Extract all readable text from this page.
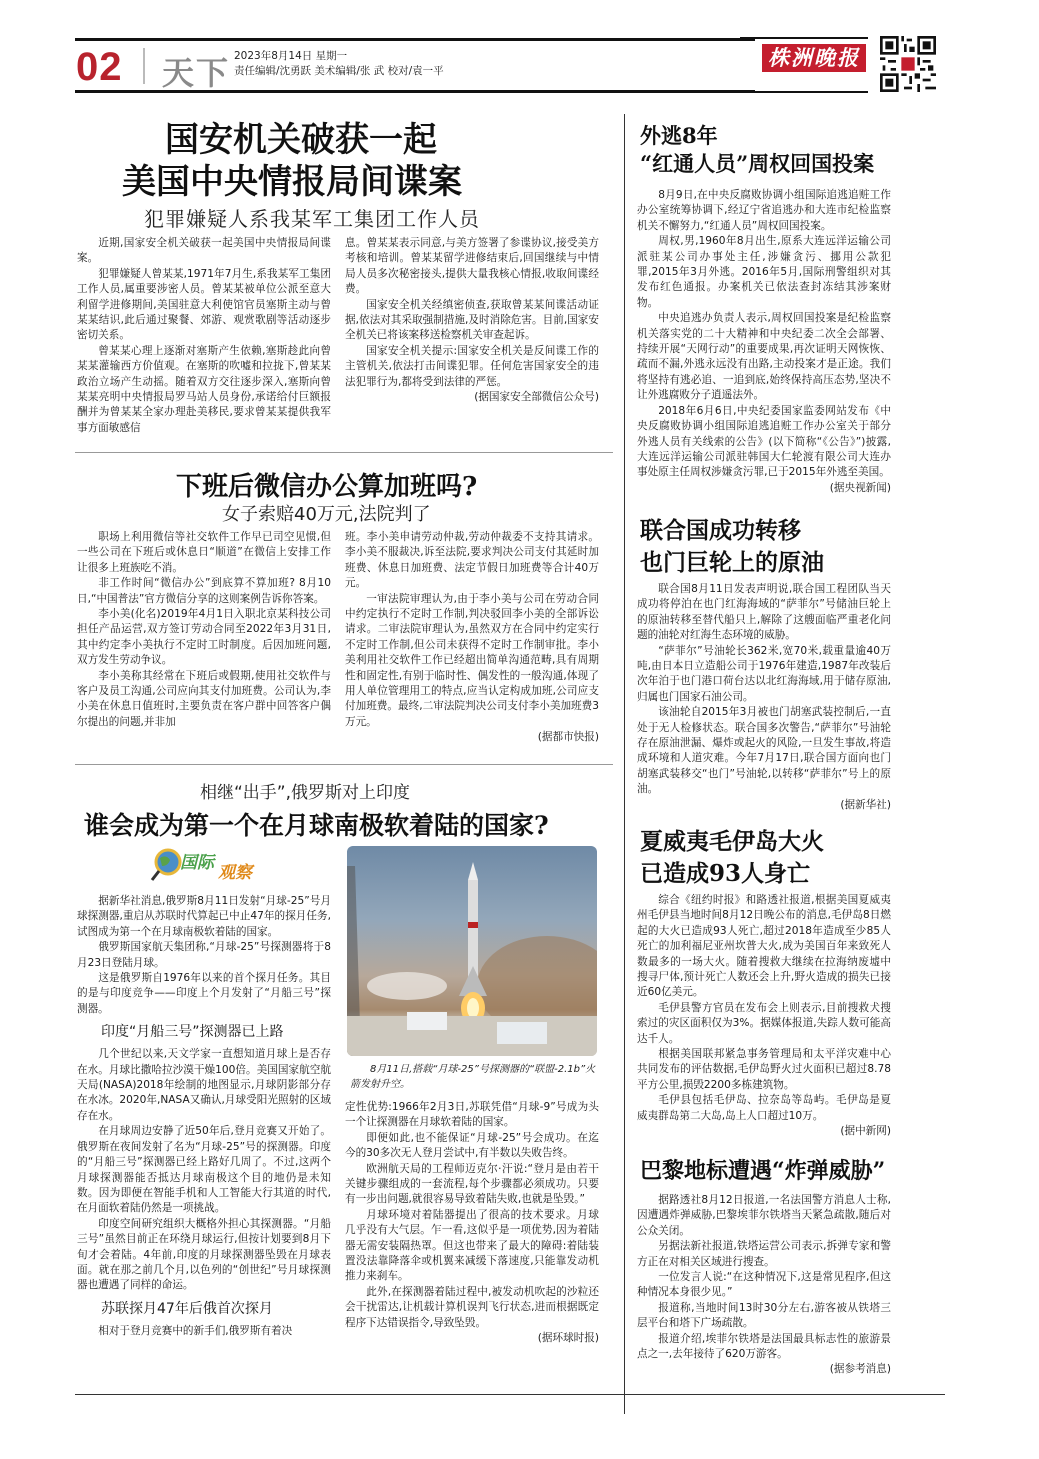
02 天下 2023年8月14日 星期一
责任编辑/沈勇跃 美术编辑/张 武 校对/袁一平
株洲晚报
国安机关破获一起
美国中央情报局间谍案
犯罪嫌疑人系我某军工集团工作人员

近期,国家安全机关破获一起美国中央情报局间谍案。

犯罪嫌疑人曾某某,1971年7月生,系我某军工集团工作人员,属重要涉密人员。曾某某被单位公派至意大利留学进修期间,美国驻意大利使馆官员塞斯主动与曾某某结识,此后通过聚餐、郊游、观赏歌剧等活动逐步密切关系。

曾某某心理上逐渐对塞斯产生依赖,塞斯趁此向曾某某灌输西方价值观。在塞斯的吹嘘和拉拢下,曾某某政治立场产生动摇。随着双方交往逐步深入,塞斯向曾某某亮明中央情报局罗马站人员身份,承诺给付巨额报酬并为曾某某全家办理赴美移民,要求曾某某提供我军事方面敏感信

息。曾某某表示同意,与美方签署了参谍协议,接受美方考核和培训。曾某某留学进修结束后,回国继续与中情局人员多次秘密接头,提供大量我核心情报,收取间谍经费。

国家安全机关经缜密侦查,获取曾某某间谍活动证据,依法对其采取强制措施,及时消除危害。目前,国家安全机关已将该案移送检察机关审查起诉。

国家安全机关提示:国家安全机关是反间谍工作的主管机关,依法打击间谍犯罪。任何危害国家安全的违法犯罪行为,都将受到法律的严惩。

(据国家安全部微信公众号)

下班后微信办公算加班吗?
女子索赔40万元,法院判了

职场上利用微信等社交软件工作早已司空见惯,但一些公司在下班后或休息日“顺道”在微信上安排工作让很多上班族吃不消。

非工作时间“微信办公”到底算不算加班? 8月10日,“中国普法”官方微信分享的这则案例告诉你答案。

李小美(化名)2019年4月1日入职北京某科技公司担任产品运营,双方签订劳动合同至2022年3月31日,其中约定李小美执行不定时工时制度。后因加班问题,双方发生劳动争议。

李小美称其经常在下班后或假期,使用社交软件与客户及员工沟通,公司应向其支付加班费。公司认为,李小美在休息日值班时,主要负责在客户群中回答客户偶尔提出的问题,并非加

班。李小美申请劳动仲裁,劳动仲裁委不支持其请求。李小美不服裁决,诉至法院,要求判决公司支付其延时加班费、休息日加班费、法定节假日加班费等合计40万元。

一审法院审理认为,由于李小美与公司在劳动合同中约定执行不定时工作制,判决驳回李小美的全部诉讼请求。二审法院审理认为,虽然双方在合同中约定实行不定时工作制,但公司未获得不定时工作制审批。李小美利用社交软件工作已经超出简单沟通范畴,具有周期性和固定性,有别于临时性、偶发性的一般沟通,体现了用人单位管理用工的特点,应当认定构成加班,公司应支付加班费。最终,二审法院判决公司支付李小美加班费3万元。

(据都市快报)

相继“出手”,俄罗斯对上印度
谁会成为第一个在月球南极软着陆的国家?
国际 观察

据新华社消息,俄罗斯8月11日发射“月球-25”号月球探测器,重启从苏联时代算起已中止47年的探月任务,试图成为第一个在月球南极软着陆的国家。

俄罗斯国家航天集团称,“月球-25”号探测器将于8月23日登陆月球。

这是俄罗斯自1976年以来的首个探月任务。其目的是与印度竞争——印度上个月发射了“月船三号”探测器。

印度“月船三号”探测器已上路

几个世纪以来,天文学家一直想知道月球上是否存在水。月球比撒哈拉沙漠干燥100倍。美国国家航空航天局(NASA)2018年绘制的地图显示,月球阴影部分存在水冰。2020年,NASA又确认,月球受阳光照射的区域存在水。

在月球周边安静了近50年后,登月竞赛又开始了。俄罗斯在夜间发射了名为“月球-25”号的探测器。印度的“月船三号”探测器已经上路好几周了。不过,这两个月球探测器能否抵达月球南极这个目的地仍是未知数。因为即便在智能手机和人工智能大行其道的时代,在月面软着陆仍然是一项挑战。

印度空间研究组织大概格外担心其探测器。“月船三号”虽然目前正在环绕月球运行,但按计划要到8月下旬才会着陆。4年前,印度的月球探测器坠毁在月球表面。就在那之前几个月,以色列的“创世纪”号月球探测器也遭遇了同样的命运。

苏联探月47年后俄首次探月

相对于登月竞赛中的新手们,俄罗斯有着决

8月11日,搭载“月球-25”号探测器的“联盟-2.1b”火箭发射升空。

定性优势:1966年2月3日,苏联凭借“月球-9”号成为头一个让探测器在月球软着陆的国家。

即便如此,也不能保证“月球-25”号会成功。在迄今的30多次无人登月尝试中,有半数以失败告终。

欧洲航天局的工程师迈克尔·汗说:“登月是由若干关键步骤组成的一套流程,每个步骤都必须成功。只要有一步出问题,就很容易导致着陆失败,也就是坠毁。”

月球环境对着陆器提出了很高的技术要求。月球几乎没有大气层。乍一看,这似乎是一项优势,因为着陆器无需安装隔热罩。但这也带来了最大的障碍:着陆装置没法靠降落伞或机翼来减缓下落速度,只能靠发动机推力来刹车。

此外,在探测器着陆过程中,被发动机吹起的沙粒还会干扰雷达,让机载计算机误判飞行状态,进而根据既定程序下达错误指令,导致坠毁。

(据环球时报)

外逃8年
“红通人员”周权回国投案

8月9日,在中央反腐败协调小组国际追逃追赃工作办公室统筹协调下,经辽宁省追逃办和大连市纪检监察机关不懈努力,“红通人员”周权回国投案。

周权,男,1960年8月出生,原系大连远洋运输公司派驻某公司办事处主任,涉嫌贪污、挪用公款犯罪,2015年3月外逃。2016年5月,国际刑警组织对其发布红色通报。办案机关已依法查封冻结其涉案财物。

中央追逃办负责人表示,周权回国投案是纪检监察机关落实党的二十大精神和中央纪委二次全会部署、持续开展“天网行动”的重要成果,再次证明天网恢恢、疏而不漏,外逃永远没有出路,主动投案才是正途。我们将坚持有逃必追、一追到底,始终保持高压态势,坚决不让外逃腐败分子逍遥法外。

2018年6月6日,中央纪委国家监委网站发布《中央反腐败协调小组国际追逃追赃工作办公室关于部分外逃人员有关线索的公告》(以下简称“《公告》”)披露,大连远洋运输公司派驻韩国大仁轮渡有限公司大连办事处原主任周权涉嫌贪污罪,已于2015年外逃至美国。

(据央视新闻)

联合国成功转移
也门巨轮上的原油

联合国8月11日发表声明说,联合国工程团队当天成功将停泊在也门红海海域的“萨菲尔”号储油巨轮上的原油转移至替代船只上,解除了这艘面临严重老化问题的油轮对红海生态环境的威胁。

“萨菲尔”号油轮长362米,宽70米,载重量逾40万吨,由日本日立造船公司于1976年建造,1987年改装后次年泊于也门港口荷台达以北红海海域,用于储存原油,归属也门国家石油公司。

该油轮自2015年3月被也门胡塞武装控制后,一直处于无人检修状态。联合国多次警告,“萨菲尔”号油轮存在原油泄漏、爆炸或起火的风险,一旦发生事故,将造成环境和人道灾难。今年7月17日,联合国方面向也门胡塞武装移交“也门”号油轮,以转移“萨菲尔”号上的原油。

(据新华社)

夏威夷毛伊岛大火
已造成93人身亡

综合《纽约时报》和路透社报道,根据美国夏威夷州毛伊县当地时间8月12日晚公布的消息,毛伊岛8日燃起的大火已造成93人死亡,超过2018年造成至少85人死亡的加利福尼亚州坎普大火,成为美国百年来致死人数最多的一场大火。随着搜救大继续在拉海纳废墟中搜寻尸体,预计死亡人数还会上升,野火造成的损失已接近60亿美元。

毛伊县警方官员在发布会上则表示,目前搜救犬搜索过的灾区面积仅为3%。据媒体报道,失踪人数可能高达千人。

根据美国联邦紧急事务管理局和太平洋灾难中心共同发布的评估数据,毛伊岛野火过火面积已超过8.78平方公里,损毁2200多栋建筑物。

毛伊县包括毛伊岛、拉奈岛等岛屿。毛伊岛是夏威夷群岛第二大岛,岛上人口超过10万。

(据中新网)

巴黎地标遭遇“炸弹威胁”

据路透社8月12日报道,一名法国警方消息人士称,因遭遇炸弹威胁,巴黎埃菲尔铁塔当天紧急疏散,随后对公众关闭。

另据法新社报道,铁塔运营公司表示,拆弹专家和警方正在对相关区域进行搜查。

一位发言人说:“在这种情况下,这是常见程序,但这种情况本身很少见。”

报道称,当地时间13时30分左右,游客被从铁塔三层平台和塔下广场疏散。

报道介绍,埃菲尔铁塔是法国最具标志性的旅游景点之一,去年接待了620万游客。

(据参考消息)
